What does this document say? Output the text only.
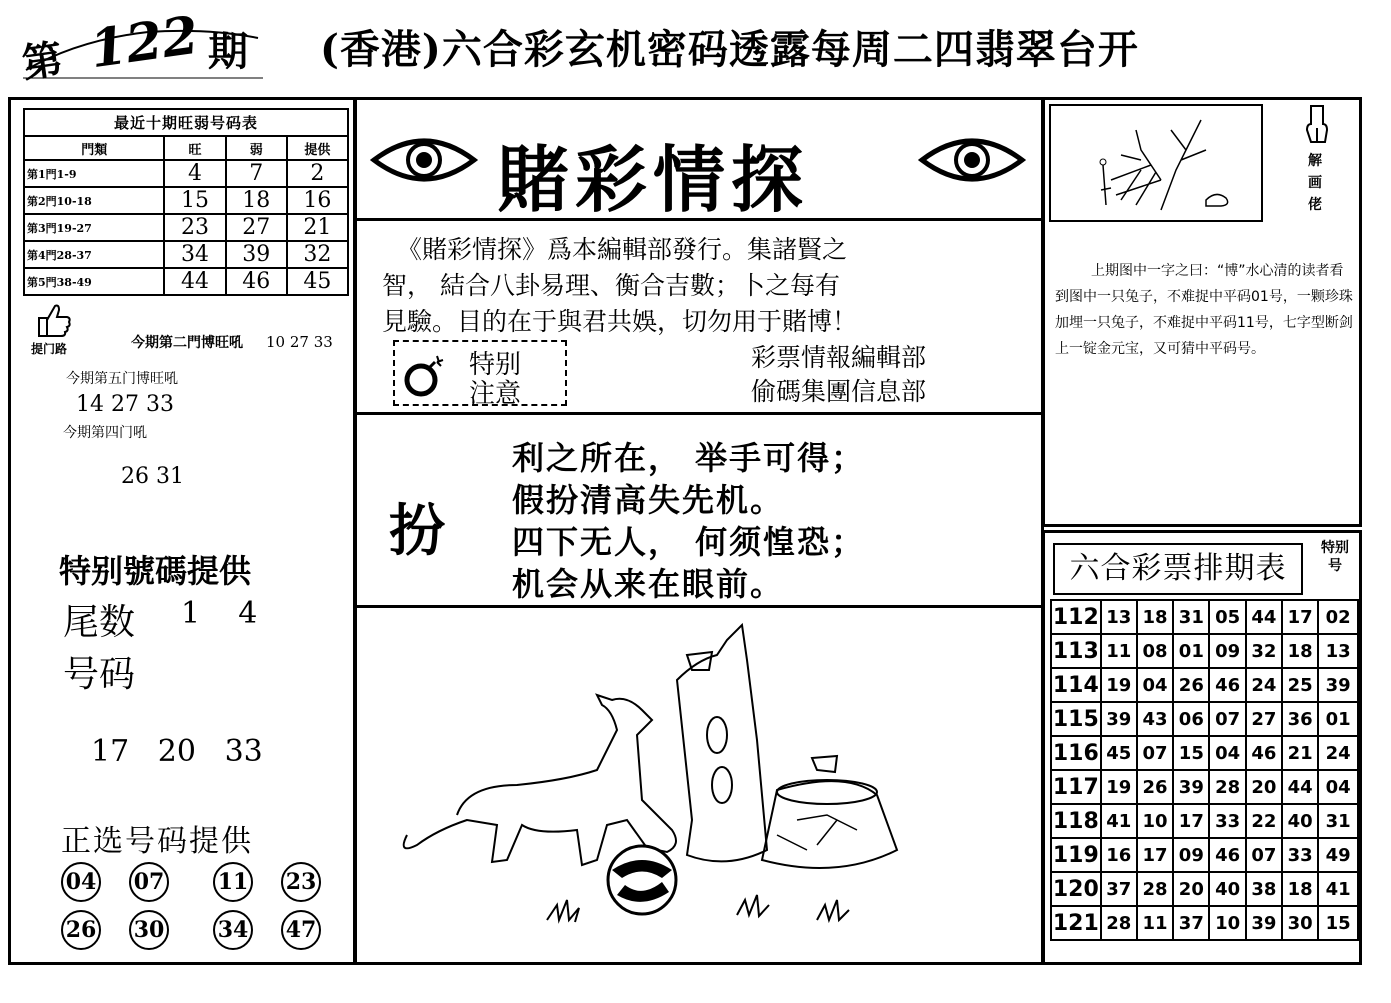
第 122 期 (香港)六合彩玄机密码透露每周二四翡翠台开
最近十期旺弱号码表			
門類	旺	弱	提供
第1門1-9	4	7	2
第2門10-18	15	18	16
第3門19-27	23	27	21
第4門28-37	34	39	32
第5門38-49	44	46	45
提门路	今期第二門博旺吼 10 27 33
今期第五门博旺吼
14 27 33
今期第四门吼
26 31
特别號碼提供
尾数 1    4
号码
17   20   33
正选号码提供
04 07 11 23
26 30 34 47
賭彩情探
《賭彩情探》爲本編輯部發行。集諸賢之
智， 結合八卦易理、衡合吉數；卜之每有
見驗。目的在于與君共娛，切勿用于賭博！
特别
注意
彩票情報編輯部
偷碼集團信息部
扮
利之所在， 举手可得；
假扮清高失先机。
四下无人， 何须惶恐；
机会从来在眼前。
解
画
佬
上期图中一字之曰：“博”水心清的读者看到图中一只兔子，不难捉中平码01号，一颗珍珠加埋一只兔子，不难捉中平码11号，七字型断剑上一锭金元宝，又可猜中平码号。
六合彩票排期表
特别号
112	13	18	31	05	44	17	02
113	11	08	01	09	32	18	13
114	19	04	26	46	24	25	39
115	39	43	06	07	27	36	01
116	45	07	15	04	46	21	24
117	19	26	39	28	20	44	04
118	41	10	17	33	22	40	31
119	16	17	09	46	07	33	49
120	37	28	20	40	38	18	41
121	28	11	37	10	39	30	15
